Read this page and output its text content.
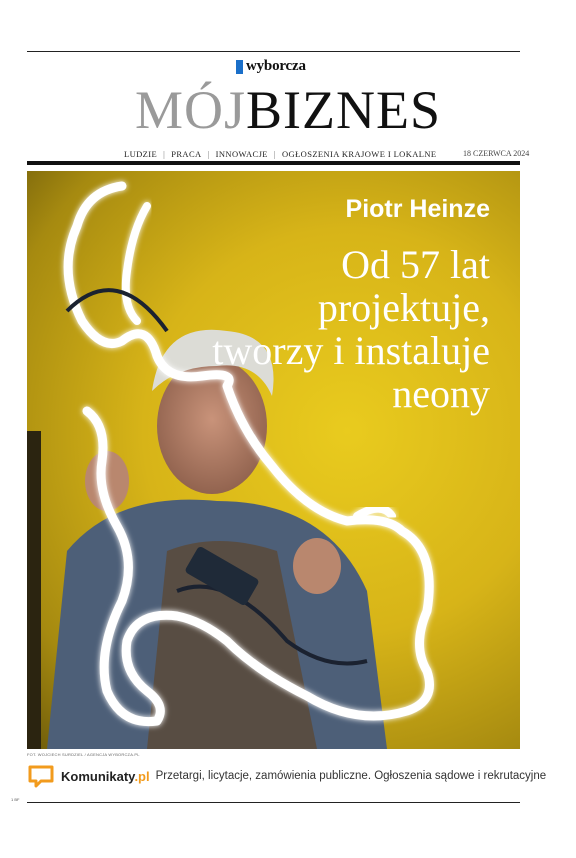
wyborcza
MÓJBIZNES
LUDZIE | PRACA | INNOWACJE | OGŁOSZENIA KRAJOWE I LOKALNE	18 CZERWCA 2024
Piotr Heinze
Od 57 lat projektuje, tworzy i instaluje neony
FOT. WOJCIECH SURDZIEL / AGENCJA WYBORCZA.PL
Komunikaty.pl Przetargi, licytacje, zamówienia publiczne. Ogłoszenia sądowe i rekrutacyjne
1 BF
